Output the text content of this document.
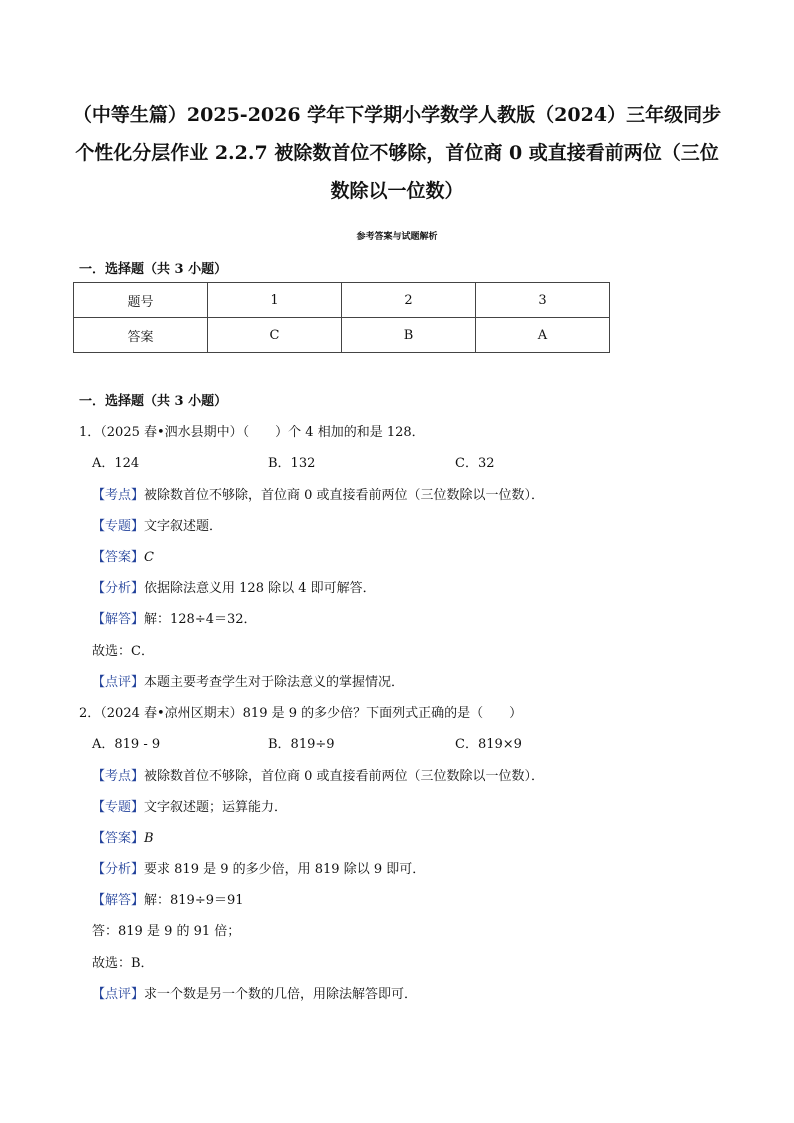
（中等生篇）2025-2026 学年下学期小学数学人教版（2024）三年级同步
个性化分层作业 2.2.7 被除数首位不够除，首位商 0 或直接看前两位（三位
数除以一位数）
参考答案与试题解析
一．选择题（共 3 小题）
题号	1	2	3
答案	C	B	A
一．选择题（共 3 小题）
1．（2025 春•泗水县期中）（　　）个 4 相加的和是 128．
A．124	B．132	C．32
【考点】被除数首位不够除，首位商 0 或直接看前两位（三位数除以一位数）．
【专题】文字叙述题．
【答案】C
【分析】依据除法意义用 128 除以 4 即可解答．
【解答】解：128÷4＝32．
故选：C．
【点评】本题主要考查学生对于除法意义的掌握情况．
2．（2024 春•凉州区期末）819 是 9 的多少倍？下面列式正确的是（　　）
A．819 - 9	B．819÷9	C．819×9
【考点】被除数首位不够除，首位商 0 或直接看前两位（三位数除以一位数）．
【专题】文字叙述题；运算能力．
【答案】B
【分析】要求 819 是 9 的多少倍，用 819 除以 9 即可．
【解答】解：819÷9＝91
答：819 是 9 的 91 倍；
故选：B．
【点评】求一个数是另一个数的几倍，用除法解答即可．
